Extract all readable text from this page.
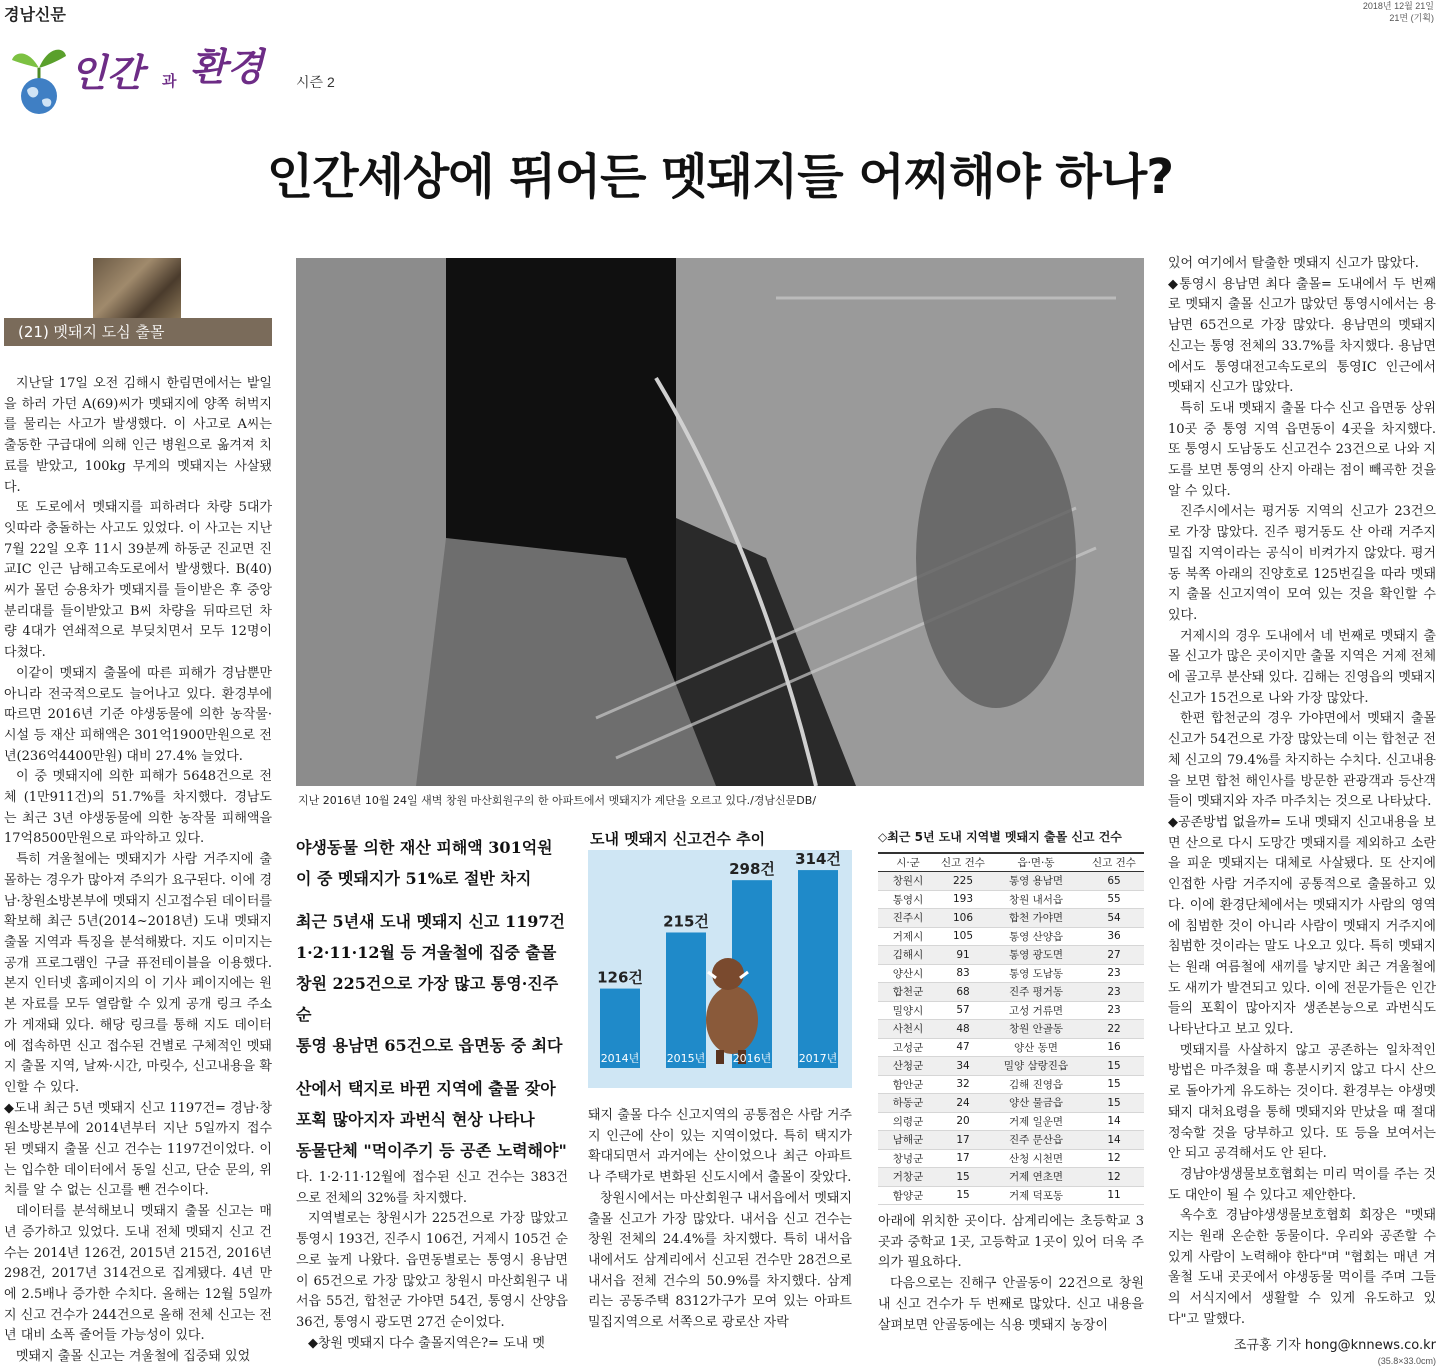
경남신문
2018년 12월 21일
21면 (기획)
인간 과 환경 시즌 2
인간세상에 뛰어든 멧돼지들 어찌해야 하나?
(21) 멧돼지 도심 출몰

지난달 17일 오전 김해시 한림면에서는 밭일을 하러 가던 A(69)씨가 멧돼지에 양쪽 허벅지를 물리는 사고가 발생했다. 이 사고로 A씨는 출동한 구급대에 의해 인근 병원으로 옮겨져 치료를 받았고, 100kg 무게의 멧돼지는 사살됐다.

또 도로에서 멧돼지를 피하려다 차량 5대가 잇따라 충돌하는 사고도 있었다. 이 사고는 지난 7월 22일 오후 11시 39분께 하동군 진교면 진교IC 인근 남해고속도로에서 발생했다. B(40)씨가 몰던 승용차가 멧돼지를 들이받은 후 중앙분리대를 들이받았고 B씨 차량을 뒤따르던 차량 4대가 연쇄적으로 부딪치면서 모두 12명이 다쳤다.

이같이 멧돼지 출몰에 따른 피해가 경남뿐만 아니라 전국적으로도 늘어나고 있다. 환경부에 따르면 2016년 기준 야생동물에 의한 농작물·시설 등 재산 피해액은 301억1900만원으로 전년(236억4400만원) 대비 27.4% 늘었다.

이 중 멧돼지에 의한 피해가 5648건으로 전체 (1만911건)의 51.7%를 차지했다. 경남도는 최근 3년 야생동물에 의한 농작물 피해액을 17억8500만원으로 파악하고 있다.

특히 겨울철에는 멧돼지가 사람 거주지에 출몰하는 경우가 많아져 주의가 요구된다. 이에 경남·창원소방본부에 멧돼지 신고접수된 데이터를 확보해 최근 5년(2014~2018년) 도내 멧돼지 출몰 지역과 특징을 분석해봤다. 지도 이미지는 공개 프로그램인 구글 퓨전테이블을 이용했다. 본지 인터넷 홈페이지의 이 기사 페이지에는 원본 자료를 모두 열람할 수 있게 공개 링크 주소가 게재돼 있다. 해당 링크를 통해 지도 데이터에 접속하면 신고 접수된 건별로 구체적인 멧돼지 출몰 지역, 날짜·시간, 마릿수, 신고내용을 확인할 수 있다.

◆도내 최근 5년 멧돼지 신고 1197건= 경남·창원소방본부에 2014년부터 지난 5일까지 접수된 멧돼지 출몰 신고 건수는 1197건이었다. 이는 입수한 데이터에서 동일 신고, 단순 문의, 위치를 알 수 없는 신고를 뺀 건수이다.

데이터를 분석해보니 멧돼지 출몰 신고는 매년 증가하고 있었다. 도내 전체 멧돼지 신고 건수는 2014년 126건, 2015년 215건, 2016년 298건, 2017년 314건으로 집계됐다. 4년 만에 2.5배나 증가한 수치다. 올해는 12월 5일까지 신고 건수가 244건으로 올해 전체 신고는 전년 대비 소폭 줄어들 가능성이 있다.

멧돼지 출몰 신고는 겨울철에 집중돼 있었

지난 2016년 10월 24일 새벽 창원 마산회원구의 한 아파트에서 멧돼지가 계단을 오르고 있다./경남신문DB/
야생동물 의한 재산 피해액 301억원
이 중 멧돼지가 51%로 절반 차지
최근 5년새 도내 멧돼지 신고 1197건
1·2·11·12월 등 겨울철에 집중 출몰
창원 225건으로 가장 많고 통영·진주 순
통영 용남면 65건으로 읍면동 중 최다
산에서 택지로 바뀐 지역에 출몰 잦아
포획 많아지자 과번식 현상 나타나
동물단체 "먹이주기 등 공존 노력해야"

다. 1·2·11·12월에 접수된 신고 건수는 383건으로 전체의 32%를 차지했다.

지역별로는 창원시가 225건으로 가장 많았고 통영시 193건, 진주시 106건, 거제시 105건 순으로 높게 나왔다. 읍면동별로는 통영시 용남면이 65건으로 가장 많았고 창원시 마산회원구 내서읍 55건, 합천군 가야면 54건, 통영시 산양읍 36건, 통영시 광도면 27건 순이었다.

◆창원 멧돼지 다수 출몰지역은?= 도내 멧

도내 멧돼지 신고건수 추이
126건
2014년
215건
2015년
298건
2016년
314건
2017년

돼지 출몰 다수 신고지역의 공통점은 사람 거주지 인근에 산이 있는 지역이었다. 특히 택지가 확대되면서 과거에는 산이었으나 최근 아파트나 주택가로 변화된 신도시에서 출몰이 잦았다.

창원시에서는 마산회원구 내서읍에서 멧돼지 출몰 신고가 가장 많았다. 내서읍 신고 건수는 창원 전체의 24.4%를 차지했다. 특히 내서읍 내에서도 삼계리에서 신고된 건수만 28건으로 내서읍 전체 건수의 50.9%를 차지했다. 삼계리는 공동주택 8312가구가 모여 있는 아파트 밀집지역으로 서쪽으로 광로산 자락

◇최근 5년 도내 지역별 멧돼지 출몰 신고 건수
시·군	신고 건수	읍·면·동	신고 건수
창원시	225	통영 용남면	65
통영시	193	창원 내서읍	55
진주시	106	합천 가야면	54
거제시	105	통영 산양읍	36
김해시	91	통영 광도면	27
양산시	83	통영 도남동	23
합천군	68	진주 평거동	23
밀양시	57	고성 거류면	23
사천시	48	창원 안골동	22
고성군	47	양산 동면	16
산청군	34	밀양 삼랑진읍	15
함안군	32	김해 진영읍	15
하동군	24	양산 물금읍	15
의령군	20	거제 일운면	14
남해군	17	진주 문산읍	14
창녕군	17	산청 시천면	12
거창군	15	거제 연초면	12
함양군	15	거제 덕포동	11

아래에 위치한 곳이다. 삼계리에는 초등학교 3곳과 중학교 1곳, 고등학교 1곳이 있어 더욱 주의가 필요하다.

다음으로는 진해구 안골동이 22건으로 창원 내 신고 건수가 두 번째로 많았다. 신고 내용을 살펴보면 안골동에는 식용 멧돼지 농장이

있어 여기에서 탈출한 멧돼지 신고가 많았다.

◆통영시 용남면 최다 출몰= 도내에서 두 번째로 멧돼지 출몰 신고가 많았던 통영시에서는 용남면 65건으로 가장 많았다. 용남면의 멧돼지 신고는 통영 전체의 33.7%를 차지했다. 용남면에서도 통영대전고속도로의 통영IC 인근에서 멧돼지 신고가 많았다.

특히 도내 멧돼지 출몰 다수 신고 읍면동 상위 10곳 중 통영 지역 읍면동이 4곳을 차지했다. 또 통영시 도남동도 신고건수 23건으로 나와 지도를 보면 통영의 산지 아래는 점이 빼곡한 것을 알 수 있다.

진주시에서는 평거동 지역의 신고가 23건으로 가장 많았다. 진주 평거동도 산 아래 거주지 밀집 지역이라는 공식이 비켜가지 않았다. 평거동 북쪽 아래의 진양호로 125번길을 따라 멧돼지 출몰 신고지역이 모여 있는 것을 확인할 수 있다.

거제시의 경우 도내에서 네 번째로 멧돼지 출몰 신고가 많은 곳이지만 출몰 지역은 거제 전체에 골고루 분산돼 있다. 김해는 진영읍의 멧돼지 신고가 15건으로 나와 가장 많았다.

한편 합천군의 경우 가야면에서 멧돼지 출몰 신고가 54건으로 가장 많았는데 이는 합천군 전체 신고의 79.4%를 차지하는 수치다. 신고내용을 보면 합천 해인사를 방문한 관광객과 등산객들이 멧돼지와 자주 마주치는 것으로 나타났다.

◆공존방법 없을까= 도내 멧돼지 신고내용을 보면 산으로 다시 도망간 멧돼지를 제외하고 소란을 피운 멧돼지는 대체로 사살됐다. 또 산지에 인접한 사람 거주지에 공통적으로 출몰하고 있다. 이에 환경단체에서는 멧돼지가 사람의 영역에 침범한 것이 아니라 사람이 멧돼지 거주지에 침범한 것이라는 말도 나오고 있다. 특히 멧돼지는 원래 여름철에 새끼를 낳지만 최근 겨울철에도 새끼가 발견되고 있다. 이에 전문가들은 인간들의 포획이 많아지자 생존본능으로 과번식도 나타난다고 보고 있다.

멧돼지를 사살하지 않고 공존하는 일차적인 방법은 마주쳤을 때 흥분시키지 않고 다시 산으로 돌아가게 유도하는 것이다. 환경부는 야생멧돼지 대처요령을 통해 멧돼지와 만났을 때 절대 정숙할 것을 당부하고 있다. 또 등을 보여서는 안 되고 공격해서도 안 된다.

경남야생생물보호협회는 미리 먹이를 주는 것도 대안이 될 수 있다고 제안한다.

옥수호 경남야생생물보호협회 회장은 "멧돼지는 원래 온순한 동물이다. 우리와 공존할 수 있게 사람이 노력해야 한다"며 "협회는 매년 겨울철 도내 곳곳에서 야생동물 먹이를 주며 그들의 서식지에서 생활할 수 있게 유도하고 있다"고 말했다.

조규홍 기자 hong@knnews.co.kr
(35.8×33.0cm)
